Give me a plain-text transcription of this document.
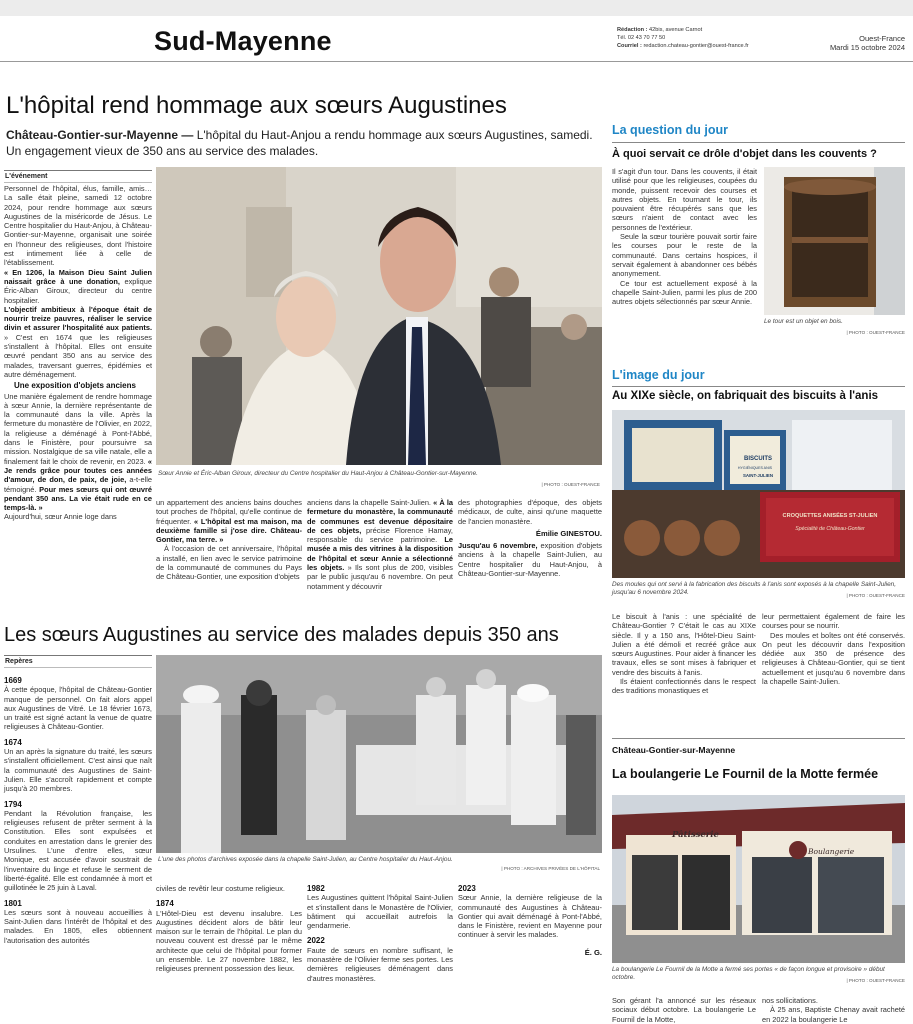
Sud-Mayenne	Rédaction : 42bis, avenue Carnot
Tél. 02 43 70 77 50
Courriel : redaction.chateau-gontier@ouest-france.fr
Ouest-France
Mardi 15 octobre 2024
L'hôpital rend hommage aux sœurs Augustines
Château-Gontier-sur-Mayenne — L'hôpital du Haut-Anjou a rendu hommage aux sœurs Augustines, samedi. Un engagement vieux de 350 ans au service des malades.
L'événement

Personnel de l'hôpital, élus, famille, amis… La salle était pleine, samedi 12 octobre 2024, pour rendre hommage aux sœurs Augustines de la miséricorde de Jésus. Le Centre hospitalier du Haut-Anjou, à Château-Gontier-sur-Mayenne, organisait une soirée en l'honneur des religieuses, dont l'histoire est intimement liée à celle de l'établissement.

« En 1206, la Maison Dieu Saint Julien naissait grâce à une donation, explique Éric-Alban Giroux, directeur du centre hospitalier.

L'objectif ambitieux à l'époque était de nourrir treize pauvres, réaliser le service divin et assurer l'hospitalité aux patients. » C'est en 1674 que les religieuses s'installent à l'hôpital. Elles ont ensuite œuvré pendant 350 ans au service des malades, traversant guerres, épidémies et autre déménagement.

Une exposition d'objets anciens

Une manière également de rendre hommage à sœur Annie, la dernière représentante de la communauté dans la ville. Après la fermeture du monastère de l'Olivier, en 2022, la religieuse a déménagé à Pont-l'Abbé, dans le Finistère, pour poursuivre sa mission. Nostalgique de sa ville natale, elle a finalement fait le choix de revenir, en 2023. « Je rends grâce pour toutes ces années d'amour, de don, de paix, de joie, a-t-elle témoigné. Pour mes sœurs qui ont œuvré pendant 350 ans. La vie était rude en ce temps-là. »

Aujourd'hui, sœur Annie loge dans

Sœur Annie et Éric-Alban Giroux, directeur du Centre hospitalier du Haut-Anjou à Château-Gontier-sur-Mayenne.
| PHOTO : OUEST-FRANCE

un appartement des anciens bains douches tout proches de l'hôpital, qu'elle continue de fréquenter. « L'hôpital est ma maison, ma deuxième famille si j'ose dire. Château-Gontier, ma terre. »

À l'occasion de cet anniversaire, l'hôpital a installé, en lien avec le service patrimoine de la communauté de communes du Pays de Château-Gontier, une exposition d'objets

anciens dans la chapelle Saint-Julien. « À la fermeture du monastère, la communauté de communes est devenue dépositaire de ces objets, précise Florence Hamay, responsable du service patrimoine. Le musée a mis des vitrines à la disposition de l'hôpital et sœur Annie a sélectionné les objets. » Ils sont plus de 200, visibles par le public jusqu'au 6 novembre. On peut notamment y découvrir

des photographies d'époque, des objets médicaux, de culte, ainsi qu'une maquette de l'ancien monastère.

Émilie GINESTOU.

Jusqu'au 6 novembre, exposition d'objets anciens à la chapelle Saint-Julien, au Centre hospitalier du Haut-Anjou, à Château-Gontier-sur-Mayenne.

Les sœurs Augustines au service des malades depuis 350 ans
Repères
1669

À cette époque, l'hôpital de Château-Gontier manque de personnel. On fait alors appel aux Augustines de Vitré. Le 18 février 1673, un traité est signé actant la venue de quatre religieuses à Château-Gontier.

1674

Un an après la signature du traité, les sœurs s'installent officiellement. C'est ainsi que naît la communauté des Augustines de Saint-Julien. Elle s'accroît rapidement et compte jusqu'à 20 membres.

1794

Pendant la Révolution française, les religieuses refusent de prêter serment à la Constitution. Elles sont expulsées et conduites en arrestation dans le grenier des Ursulines. L'une d'entre elles, sœur Monique, est accusée d'avoir soustrait de l'inventaire du linge et refuse le serment de liberté-égalité. Elle est condamnée à mort et guillotinée le 25 juin à Laval.

1801

Les sœurs sont à nouveau accueillies à Saint-Julien dans l'intérêt de l'hôpital et des malades. En 1805, elles obtiennent l'autorisation des autorités

L'une des photos d'archives exposée dans la chapelle Saint-Julien, au Centre hospitalier du Haut-Anjou.
| PHOTO : ARCHIVES PRIVÉES DE L'HÔPITAL

civiles de revêtir leur costume religieux.

1874

L'Hôtel-Dieu est devenu insalubre. Les Augustines décident alors de bâtir leur maison sur le terrain de l'hôpital. Le plan du nouveau couvent est dressé par le même architecte que celui de l'hôpital pour former un ensemble. Le 27 novembre 1882, les religieuses prennent possession des lieux.

1982

Les Augustines quittent l'hôpital Saint-Julien et s'installent dans le Monastère de l'Olivier, bâtiment qui accueillait autrefois la gendarmerie.

2022

Faute de sœurs en nombre suffisant, le monastère de l'Olivier ferme ses portes. Les dernières religieuses déménagent dans d'autres monastères.

2023

Sœur Annie, la dernière religieuse de la communauté des Augustines à Château-Gontier qui avait déménagé à Pont-l'Abbé, dans le Finistère, revient en Mayenne pour continuer à servir les malades.

É. G.
La question du jour
À quoi servait ce drôle d'objet dans les couvents ?

Il s'agit d'un tour. Dans les couvents, il était utilisé pour que les religieuses, coupées du monde, puissent recevoir des courses et autres objets. En tournant le tour, ils pouvaient être récupérés sans que les sœurs n'aient de contact avec les personnes de l'extérieur.

Seule la sœur tourière pouvait sortir faire les courses pour le reste de la communauté. Dans certains hospices, il servait également à abandonner ces bébés anonymement.

Ce tour est actuellement exposé à la chapelle Saint-Julien, parmi les plus de 200 autres objets sélectionnés par sœur Annie.

Le tour est un objet en bois.
| PHOTO : OUEST-FRANCE
L'image du jour
Au XIXe siècle, on fabriquait des biscuits à l'anis
BISCUITS
HYGIÉNIQUES ANIS
SAINT-JULIEN
CROQUETTES ANISÉES ST-JULIEN
Spécialité de Château-Gontier
Des moules qui ont servi à la fabrication des biscuits à l'anis sont exposés à la chapelle Saint-Julien, jusqu'au 6 novembre 2024.	| PHOTO : OUEST-FRANCE

Le biscuit à l'anis : une spécialité de Château-Gontier ? C'était le cas au XIXe siècle. Il y a 150 ans, l'Hôtel-Dieu Saint-Julien a été démoli et recréé grâce aux sœurs Augustines. Pour aider à financer les travaux, elles se sont mises à fabriquer et vendre des biscuits à l'anis.

Ils étaient confectionnés dans le respect des traditions monastiques et

leur permettaient également de faire les courses pour se nourrir.

Des moules et boîtes ont été conservés. On peut les découvrir dans l'exposition dédiée aux 350 de présence des religieuses à Château-Gontier, qui se tient actuellement et jusqu'au 6 novembre dans la chapelle Saint-Julien.

Château-Gontier-sur-Mayenne
La boulangerie Le Fournil de la Motte fermée
Pâtisserie
Boulangerie
La boulangerie Le Fournil de la Motte a fermé ses portes « de façon longue et provisoire » début octobre.	| PHOTO : OUEST-FRANCE

Son gérant l'a annoncé sur les réseaux sociaux début octobre. La boulangerie Le Fournil de la Motte,

nos sollicitations.

À 25 ans, Baptiste Chenay avait racheté en 2022 la boulangerie Le
